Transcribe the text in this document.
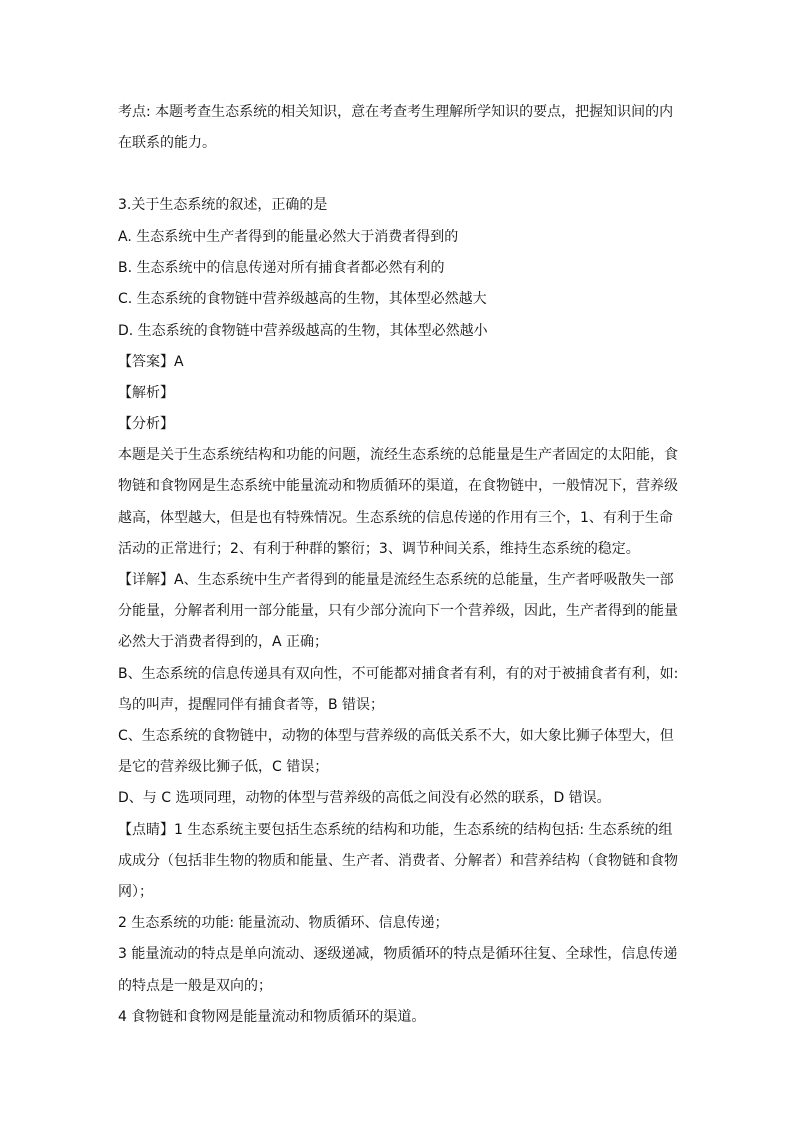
考点: 本题考查生态系统的相关知识，意在考查考生理解所学知识的要点，把握知识间的内
在联系的能力。
3.关于生态系统的叙述，正确的是
A. 生态系统中生产者得到的能量必然大于消费者得到的
B. 生态系统中的信息传递对所有捕食者都必然有利的
C. 生态系统的食物链中营养级越高的生物，其体型必然越大
D. 生态系统的食物链中营养级越高的生物，其体型必然越小
【答案】A
【解析】
【分析】
本题是关于生态系统结构和功能的问题，流经生态系统的总能量是生产者固定的太阳能，食
物链和食物网是生态系统中能量流动和物质循环的渠道，在食物链中，一般情况下，营养级
越高，体型越大，但是也有特殊情况。生态系统的信息传递的作用有三个，1、有利于生命
活动的正常进行；2、有利于种群的繁衍；3、调节种间关系，维持生态系统的稳定。
【详解】A、生态系统中生产者得到的能量是流经生态系统的总能量，生产者呼吸散失一部
分能量，分解者利用一部分能量，只有少部分流向下一个营养级，因此，生产者得到的能量
必然大于消费者得到的，A 正确；
B、生态系统的信息传递具有双向性，不可能都对捕食者有利，有的对于被捕食者有利，如:
鸟的叫声，提醒同伴有捕食者等，B 错误；
C、生态系统的食物链中，动物的体型与营养级的高低关系不大，如大象比狮子体型大，但
是它的营养级比狮子低，C 错误；
D、与 C 选项同理，动物的体型与营养级的高低之间没有必然的联系，D 错误。
【点睛】1 生态系统主要包括生态系统的结构和功能，生态系统的结构包括: 生态系统的组
成成分（包括非生物的物质和能量、生产者、消费者、分解者）和营养结构（食物链和食物
网）；
2 生态系统的功能: 能量流动、物质循环、信息传递；
3 能量流动的特点是单向流动、逐级递减，物质循环的特点是循环往复、全球性，信息传递
的特点是一般是双向的；
4 食物链和食物网是能量流动和物质循环的渠道。
